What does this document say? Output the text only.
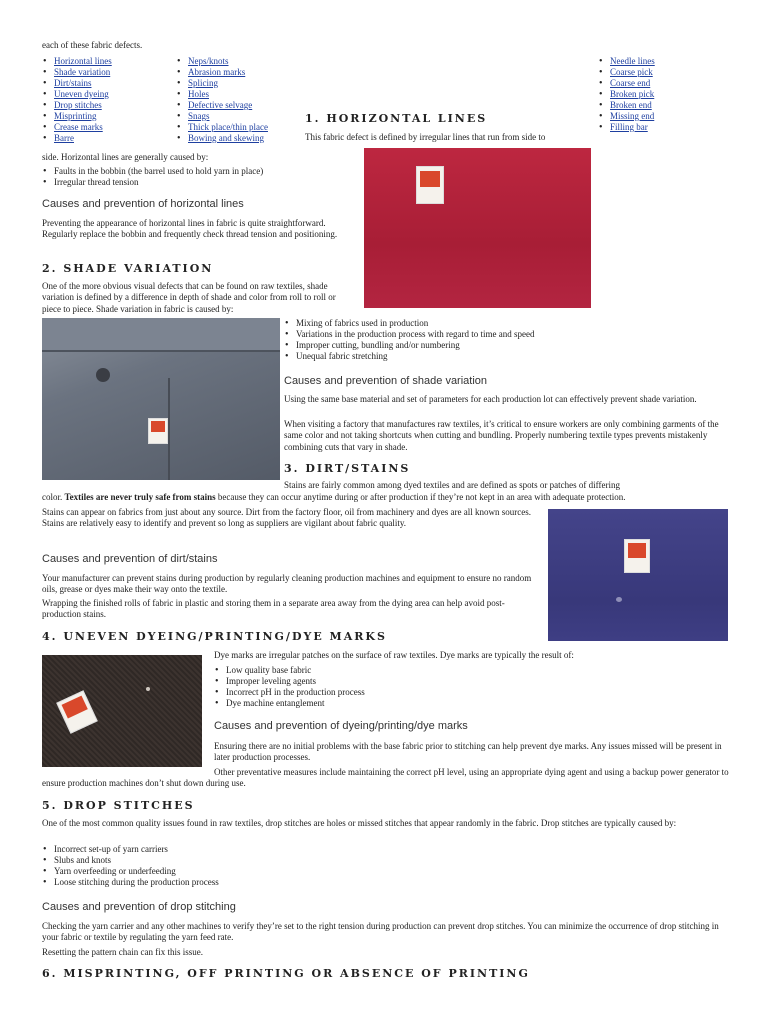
each of these fabric defects.

• Horizontal lines
• Shade variation
• Dirt/stains
• Uneven dyeing
• Drop stitches
• Misprinting
• Crease marks
• Barre
• Neps/knots
• Abrasion marks
• Splicing
• Holes
• Defective selvage
• Snags
• Thick place/thin place
• Bowing and skewing
• Needle lines
• Coarse pick
• Coarse end
• Broken pick
• Broken end
• Missing end
• Filling bar
1. HORIZONTAL LINES

This fabric defect is defined by irregular lines that run from side to

side. Horizontal lines are generally caused by:

• Faults in the bobbin (the barrel used to hold yarn in place)
• Irregular thread tension
Causes and prevention of horizontal lines

Preventing the appearance of horizontal lines in fabric is quite straightforward. Regularly replace the bobbin and frequently check thread tension and positioning.

2. SHADE VARIATION

One of the more obvious visual defects that can be found on raw textiles, shade variation is defined by a difference in depth of shade and color from roll to roll or piece to piece. Shade variation in fabric is caused by:

• Mixing of fabrics used in production
• Variations in the production process with regard to time and speed
• Improper cutting, bundling and/or numbering
• Unequal fabric stretching
Causes and prevention of shade variation

Using the same base material and set of parameters for each production lot can effectively prevent shade variation.

When visiting a factory that manufactures raw textiles, it’s critical to ensure workers are only combining garments of the same color and not taking shortcuts when cutting and bundling. Properly numbering textile types prevents mistakenly combining cuts that vary in shade.

3. DIRT/STAINS

Stains are fairly common among dyed textiles and are defined as spots or patches of differing

color. Textiles are never truly safe from stains because they can occur anytime during or after production if they’re not kept in an area with adequate protection.

Stains can appear on fabrics from just about any source. Dirt from the factory floor, oil from machinery and dyes are all known sources. Stains are relatively easy to identify and prevent so long as suppliers are vigilant about fabric quality.

Causes and prevention of dirt/stains

Your manufacturer can prevent stains during production by regularly cleaning production machines and equipment to ensure no random oils, grease or dyes make their way onto the textile.

Wrapping the finished rolls of fabric in plastic and storing them in a separate area away from the dying area can help avoid post-production stains.

4. UNEVEN DYEING/PRINTING/DYE MARKS

Dye marks are irregular patches on the surface of raw textiles. Dye marks are typically the result of:

• Low quality base fabric
• Improper leveling agents
• Incorrect pH in the production process
• Dye machine entanglement
Causes and prevention of dyeing/printing/dye marks

Ensuring there are no initial problems with the base fabric prior to stitching can help prevent dye marks. Any issues missed will be present in later production processes.

Other preventative measures include maintaining the correct pH level, using an appropriate dying agent and using a backup power generator to ensure production machines don’t shut down during use.

5. DROP STITCHES

One of the most common quality issues found in raw textiles, drop stitches are holes or missed stitches that appear randomly in the fabric. Drop stitches are typically caused by:

• Incorrect set-up of yarn carriers
• Slubs and knots
• Yarn overfeeding or underfeeding
• Loose stitching during the production process
Causes and prevention of drop stitching

Checking the yarn carrier and any other machines to verify they’re set to the right tension during production can prevent drop stitches. You can minimize the occurrence of drop stitching in your fabric or textile by regulating the yarn feed rate.

Resetting the pattern chain can fix this issue.

6. MISPRINTING, OFF PRINTING OR ABSENCE OF PRINTING
